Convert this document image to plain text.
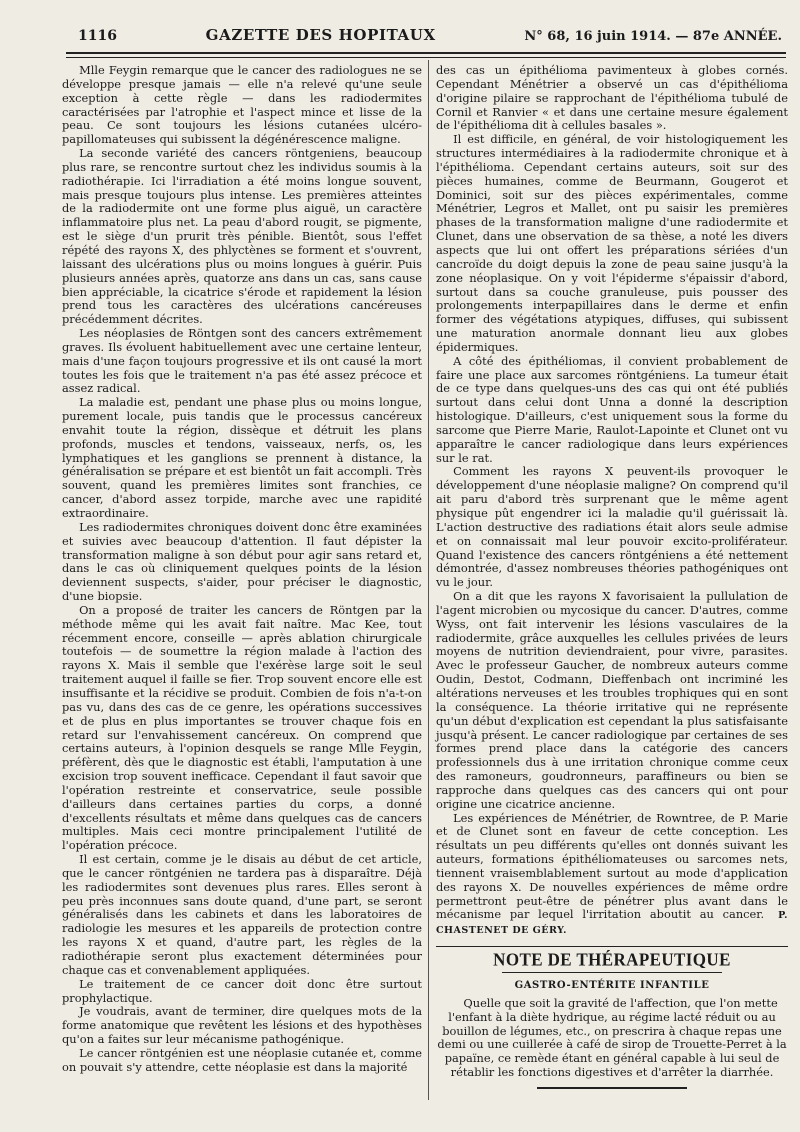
1116	GAZETTE DES HOPITAUX	N° 68, 16 juin 1914. — 87e ANNÉE.

Mlle Feygin remarque que le cancer des radiologues ne se développe presque jamais — elle n'a relevé qu'une seule exception à cette règle — dans les radiodermites caractérisées par l'atrophie et l'aspect mince et lisse de la peau. Ce sont toujours les lésions cutanées ulcéro-papillomateuses qui subissent la dégénérescence maligne.

La seconde variété des cancers röntgeniens, beaucoup plus rare, se rencontre surtout chez les individus soumis à la radiothérapie. Ici l'irradiation a été moins longue souvent, mais presque toujours plus intense. Les premières atteintes de la radiodermite ont une forme plus aiguë, un caractère inflammatoire plus net. La peau d'abord rougit, se pigmente, est le siège d'un prurit très pénible. Bientôt, sous l'effet répété des rayons X, des phlyctènes se forment et s'ouvrent, laissant des ulcérations plus ou moins longues à guérir. Puis plusieurs années après, quatorze ans dans un cas, sans cause bien appréciable, la cicatrice s'érode et rapidement la lésion prend tous les caractères des ulcérations cancéreuses précédemment décrites.

Les néoplasies de Röntgen sont des cancers extrêmement graves. Ils évoluent habituellement avec une certaine lenteur, mais d'une façon toujours progressive et ils ont causé la mort toutes les fois que le traitement n'a pas été assez précoce et assez radical.

La maladie est, pendant une phase plus ou moins longue, purement locale, puis tandis que le processus cancéreux envahit toute la région, dissèque et détruit les plans profonds, muscles et tendons, vaisseaux, nerfs, os, les lymphatiques et les ganglions se prennent à distance, la généralisation se prépare et est bientôt un fait accompli. Très souvent, quand les premières limites sont franchies, ce cancer, d'abord assez torpide, marche avec une rapidité extraordinaire.

Les radiodermites chroniques doivent donc être examinées et suivies avec beaucoup d'attention. Il faut dépister la transformation maligne à son début pour agir sans retard et, dans le cas où cliniquement quelques points de la lésion deviennent suspects, s'aider, pour préciser le diagnostic, d'une biopsie.

On a proposé de traiter les cancers de Röntgen par la méthode même qui les avait fait naître. Mac Kee, tout récemment encore, conseille — après ablation chirurgicale toutefois — de soumettre la région malade à l'action des rayons X. Mais il semble que l'exérèse large soit le seul traitement auquel il faille se fier. Trop souvent encore elle est insuffisante et la récidive se produit. Combien de fois n'a-t-on pas vu, dans des cas de ce genre, les opérations successives et de plus en plus importantes se trouver chaque fois en retard sur l'envahissement cancéreux. On comprend que certains auteurs, à l'opinion desquels se range Mlle Feygin, préfèrent, dès que le diagnostic est établi, l'amputation à une excision trop souvent inefficace. Cependant il faut savoir que l'opération restreinte et conservatrice, seule possible d'ailleurs dans certaines parties du corps, a donné d'excellents résultats et même dans quelques cas de cancers multiples. Mais ceci montre principalement l'utilité de l'opération précoce.

Il est certain, comme je le disais au début de cet article, que le cancer röntgénien ne tardera pas à disparaître. Déjà les radiodermites sont devenues plus rares. Elles seront à peu près inconnues sans doute quand, d'une part, se seront généralisés dans les cabinets et dans les laboratoires de radiologie les mesures et les appareils de protection contre les rayons X et quand, d'autre part, les règles de la radiothérapie seront plus exactement déterminées pour chaque cas et convenablement appliquées.

Le traitement de ce cancer doit donc être surtout prophylactique.

Je voudrais, avant de terminer, dire quelques mots de la forme anatomique que revêtent les lésions et des hypothèses qu'on a faites sur leur mécanisme pathogénique.

Le cancer röntgénien est une néoplasie cutanée et, comme on pouvait s'y attendre, cette néoplasie est dans la majorité

des cas un épithélioma pavimenteux à globes cornés. Cependant Ménétrier a observé un cas d'épithélioma d'origine pilaire se rapprochant de l'épithélioma tubulé de Cornil et Ranvier « et dans une certaine mesure également de l'épithélioma dit à cellules basales ».

Il est difficile, en général, de voir histologiquement les structures intermédiaires à la radiodermite chronique et à l'épithélioma. Cependant certains auteurs, soit sur des pièces humaines, comme de Beurmann, Gougerot et Dominici, soit sur des pièces expérimentales, comme Ménétrier, Legros et Mallet, ont pu saisir les premières phases de la transformation maligne d'une radiodermite et Clunet, dans une observation de sa thèse, a noté les divers aspects que lui ont offert les préparations sériées d'un cancroïde du doigt depuis la zone de peau saine jusqu'à la zone néoplasique. On y voit l'épiderme s'épaissir d'abord, surtout dans sa couche granuleuse, puis pousser des prolongements interpapillaires dans le derme et enfin former des végétations atypiques, diffuses, qui subissent une maturation anormale donnant lieu aux globes épidermiques.

A côté des épithéliomas, il convient probablement de faire une place aux sarcomes röntgéniens. La tumeur était de ce type dans quelques-uns des cas qui ont été publiés surtout dans celui dont Unna a donné la description histologique. D'ailleurs, c'est uniquement sous la forme du sarcome que Pierre Marie, Raulot-Lapointe et Clunet ont vu apparaître le cancer radiologique dans leurs expériences sur le rat.

Comment les rayons X peuvent-ils provoquer le développement d'une néoplasie maligne? On comprend qu'il ait paru d'abord très surprenant que le même agent physique pût engendrer ici la maladie qu'il guérissait là. L'action destructive des radiations était alors seule admise et on connaissait mal leur pouvoir excito-proliférateur. Quand l'existence des cancers röntgéniens a été nettement démontrée, d'assez nombreuses théories pathogéniques ont vu le jour.

On a dit que les rayons X favorisaient la pullulation de l'agent microbien ou mycosique du cancer. D'autres, comme Wyss, ont fait intervenir les lésions vasculaires de la radiodermite, grâce auxquelles les cellules privées de leurs moyens de nutrition deviendraient, pour vivre, parasites. Avec le professeur Gaucher, de nombreux auteurs comme Oudin, Destot, Codmann, Dieffenbach ont incriminé les altérations nerveuses et les troubles trophiques qui en sont la conséquence. La théorie irritative qui ne représente qu'un début d'explication est cependant la plus satisfaisante jusqu'à présent. Le cancer radiologique par certaines de ses formes prend place dans la catégorie des cancers professionnels dus à une irritation chronique comme ceux des ramoneurs, goudronneurs, paraffineurs ou bien se rapproche dans quelques cas des cancers qui ont pour origine une cicatrice ancienne.

Les expériences de Ménétrier, de Rowntree, de P. Marie et de Clunet sont en faveur de cette conception. Les résultats un peu différents qu'elles ont donnés suivant les auteurs, formations épithéliomateuses ou sarcomes nets, tiennent vraisemblablement surtout au mode d'application des rayons X. De nouvelles expériences de même ordre permettront peut-être de pénétrer plus avant dans le mécanisme par lequel l'irritation aboutit au cancer. P. CHASTENET DE GÉRY.

NOTE DE THÉRAPEUTIQUE
GASTRO-ENTÉRITE INFANTILE

Quelle que soit la gravité de l'affection, que l'on mette l'enfant à la diète hydrique, au régime lacté réduit ou au bouillon de légumes, etc., on prescrira à chaque repas une demi ou une cuillerée à café de sirop de Trouette-Perret à la papaïne, ce remède étant en général capable à lui seul de rétablir les fonctions digestives et d'arrêter la diarrhée.
